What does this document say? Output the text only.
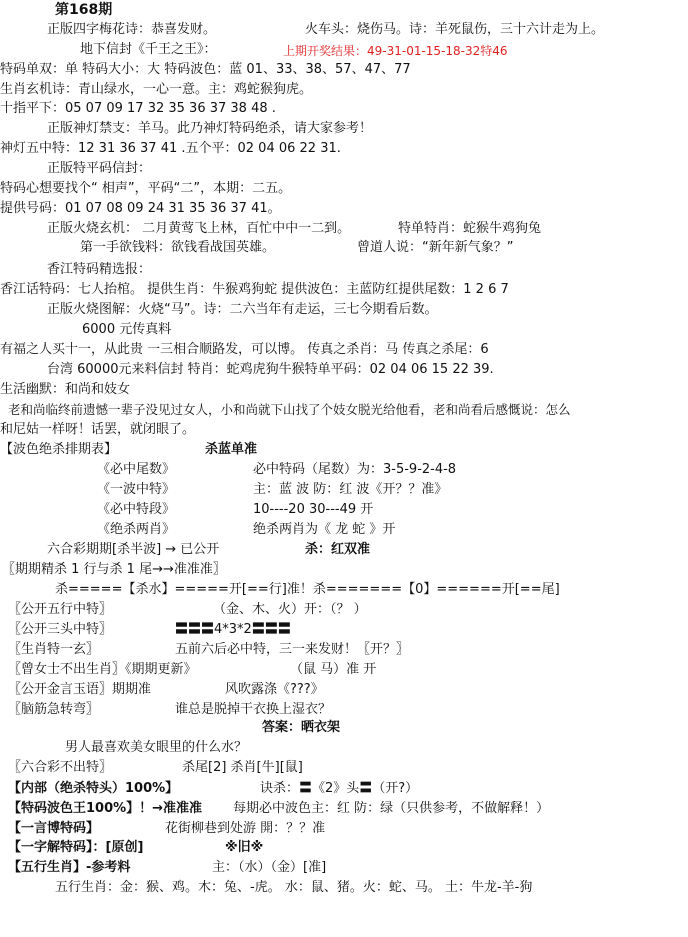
第168期
正版四字梅花诗：恭喜发财。	火车头：烧伤马。诗：羊死鼠伤，三十六计走为上。
地下信封《千王之王》：	上期开奖结果：49-31-01-15-18-32特46
特码单双：单 特码大小：大 特码波色：蓝 01、33、38、57、47、77
生肖玄机诗：青山绿水，一心一意。主：鸡蛇猴狗虎。
十指平下：05 07 09 17 32 35 36 37 38 48 .
正版神灯禁支：羊马。此乃神灯特码绝杀，请大家参考！
神灯五中特：12 31 36 37 41 .五个平：02 04 06 22 31.
正版特平码信封：
特码心想要找个“ 相声”，平码“二”，本期：二五。
提供号码：01 07 08 09 24 31 35 36 37 41。
正版火烧玄机： 二月黄莺飞上林，百忙中中一二到。	特单特肖：蛇猴牛鸡狗兔
第一手欲钱料：欲钱看战国英雄。	曾道人说：“新年新气象？”
香江特码精选报：
香江话特码：七人抬棺。 提供生肖：牛猴鸡狗蛇 提供波色：主蓝防红提供尾数：1 2 6 7
正版火烧图解：火烧“马”。诗：二六当年有走运，三七今期看后数。
6000 元传真料
有福之人买十一，从此贵 一三相合顺路发，可以博。 传真之杀肖：马 传真之杀尾：6
台湾 60000元来料信封 特肖：蛇鸡虎狗牛猴特单平码：02 04 06 15 22 39.
生活幽默：和尚和妓女
老和尚临终前遗憾一辈子没见过女人，小和尚就下山找了个妓女脱光给他看，老和尚看后感慨说：怎么
和尼姑一样呀！话罢，就闭眼了。
【波色绝杀排期表】	杀蓝单准
《必中尾数》	必中特码（尾数）为：3-5-9-2-4-8
《一波中特》	主：蓝 波 防：红 波《开？？准》
《必中特段》	10----20 30---49 开
《绝杀两肖》	绝杀两肖为《 龙 蛇 》开
六合彩期期[杀半波] → 已公开	杀：红双准
〖期期精杀 1 行与杀 1 尾→→准准准〗
杀=====【杀水】=====开[==行]准！杀=======【0】======开[==尾]
〖公开五行中特〗	（金、木、火）开：（？ ）
〖公开三头中特〗	〓〓〓4*3*2〓〓〓
〖生肖特一玄〗	五前六后必中特，三一来发财！〖开？〗
〖曾女士不出生肖〗《期期更新》	（鼠 马）准 开
〖公开金言玉语〗期期准	风吹露涤《???》
〖脑筋急转弯〗	谁总是脱掉干衣换上湿衣？
答案：晒衣架
男人最喜欢美女眼里的什么水？
〖六合彩不出特〗	杀尾[2] 杀肖[牛][鼠]
【内部（绝杀特头）100%】	诀杀：〓《2》头〓（开?）
【特码波色王100%】！→准准准 每期必中波色主：红 防：绿（只供参考，不做解释！）
【一言博特码】	花街柳巷到处游 開：？？准
【一字解特码】：[原创]	※旧※
【五行生肖】-参考料	主：（水）（金）[准]
五行生肖：金：猴、鸡。木：兔、-虎。 水：鼠、猪。火：蛇、马。 土：牛龙-羊-狗
